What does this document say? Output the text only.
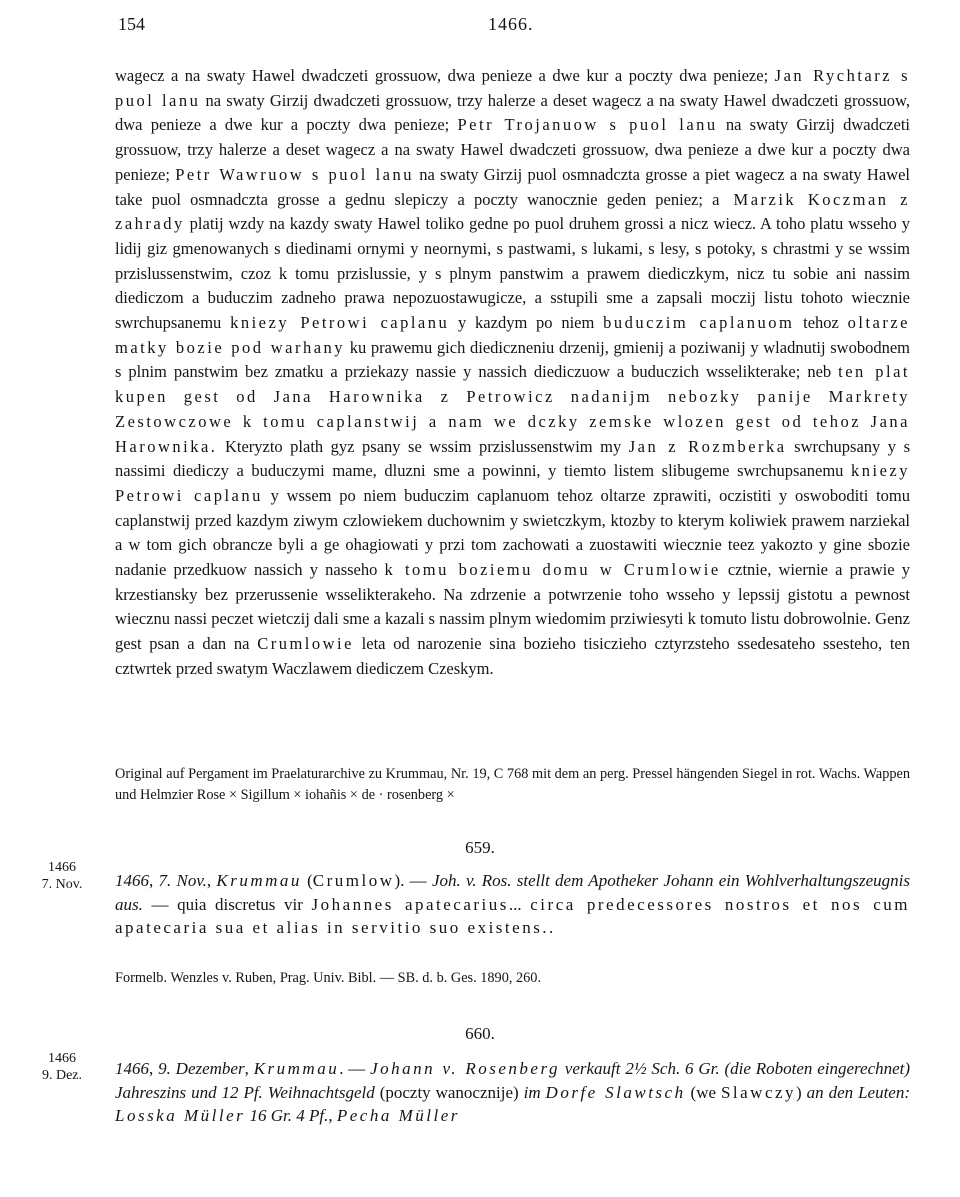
154	1466.

wagecz a na swaty Hawel dwadczeti grossuow, dwa penieze a dwe kur a poczty dwa penieze; Jan Rychtarz s puol lanu na swaty Girzij dwadczeti grossuow, trzy halerze a deset wagecz a na swaty Hawel dwadczeti grossuow, dwa penieze a dwe kur a poczty dwa penieze; Petr Trojanuow s puol lanu na swaty Girzij dwadczeti grossuow, trzy halerze a deset wagecz a na swaty Hawel dwadczeti grossuow, dwa penieze a dwe kur a poczty dwa penieze; Petr Wawruow s puol lanu na swaty Girzij puol osmnadczta grosse a piet wagecz a na swaty Hawel take puol osmnadczta grosse a gednu slepiczy a poczty wanocznie geden peniez; a Marzik Koczman z zahrady platij wzdy na kazdy swaty Hawel toliko gedne po puol druhem grossi a nicz wiecz. A toho platu wsseho y lidij giz gmenowanych s diedinami ornymi y neornymi, s pastwami, s lukami, s lesy, s potoky, s chrastmi y se wssim przislussenstwim, czoz k tomu przislussie, y s plnym panstwim a prawem diediczkym, nicz tu sobie ani nassim diediczom a buduczim zadneho prawa nepozuostawugicze, a sstupili sme a zapsali moczij listu tohoto wiecznie swrchupsanemu kniezy Petrowi caplanu y kazdym po niem buduczim caplanuom tehoz oltarze matky bozie pod warhany ku prawemu gich diediczneniu drzenij, gmienij a poziwanij y wladnutij swobodnem s plnim panstwim bez zmatku a prziekazy nassie y nassich diediczuow a buduczich wsselikterake; neb ten plat kupen gest od Jana Harownika z Petrowicz nadanijm nebozky panije Markrety Zestowczowe k tomu caplanstwij a nam we dczky zemske wlozen gest od tehoz Jana Harownika. Kteryzto plath gyz psany se wssim przislussenstwim my Jan z Rozmberka swrchupsany y s nassimi diediczy a buduczymi mame, dluzni sme a powinni, y tiemto listem slibugeme swrchupsanemu kniezy Petrowi caplanu y wssem po niem buduczim caplanuom tehoz oltarze zprawiti, oczistiti y oswoboditi tomu caplanstwij przed kazdym ziwym czlowiekem duchownim y swietczkym, ktozby to kterym koliwiek prawem narziekal a w tom gich obrancze byli a ge ohagiowati y przi tom zachowati a zuostawiti wiecznie teez yakozto y gine sbozie nadanie przedkuow nassich y nasseho k tomu boziemu domu w Crumlowie cztnie, wiernie a prawie y krzestiansky bez przerussenie wsselikterakeho. Na zdrzenie a potwrzenie toho wsseho y lepssij gistotu a pewnost wiecznu nassi peczet wietczij dali sme a kazali s nassim plnym wiedomim prziwiesyti k tomuto listu dobrowolnie. Genz gest psan a dan na Crumlowie leta od narozenie sina bozieho tisiczieho cztyrzsteho ssedesateho ssesteho, ten cztwrtek przed swatym Waczlawem diediczem Czeskym.

Original auf Pergament im Praelaturarchive zu Krummau, Nr. 19, C 768 mit dem an perg. Pressel hängenden Siegel in rot. Wachs. Wappen und Helmzier Rose × Sigillum × iohañis × de · rosenberg ×

659.

1466
7. Nov.	1466, 7. Nov., Krummau (Crumlow). — Joh. v. Ros. stellt dem Apotheker Johann ein Wohlverhaltungszeugnis aus. — quia discretus vir Johannes apatecarius... circa predecessores nostros et nos cum apatecaria sua et alias in servitio suo existens..

Formelb. Wenzles v. Ruben, Prag. Univ. Bibl. — SB. d. b. Ges. 1890, 260.

660.

1466
9. Dez.	1466, 9. Dezember, Krummau. — Johann v. Rosenberg verkauft 2½ Sch. 6 Gr. (die Roboten eingerechnet) Jahreszins und 12 Pf. Weihnachtsgeld (poczty wanocznije) im Dorfe Slawtsch (we Slawczy) an den Leuten: Losska Müller 16 Gr. 4 Pf., Pecha Müller
